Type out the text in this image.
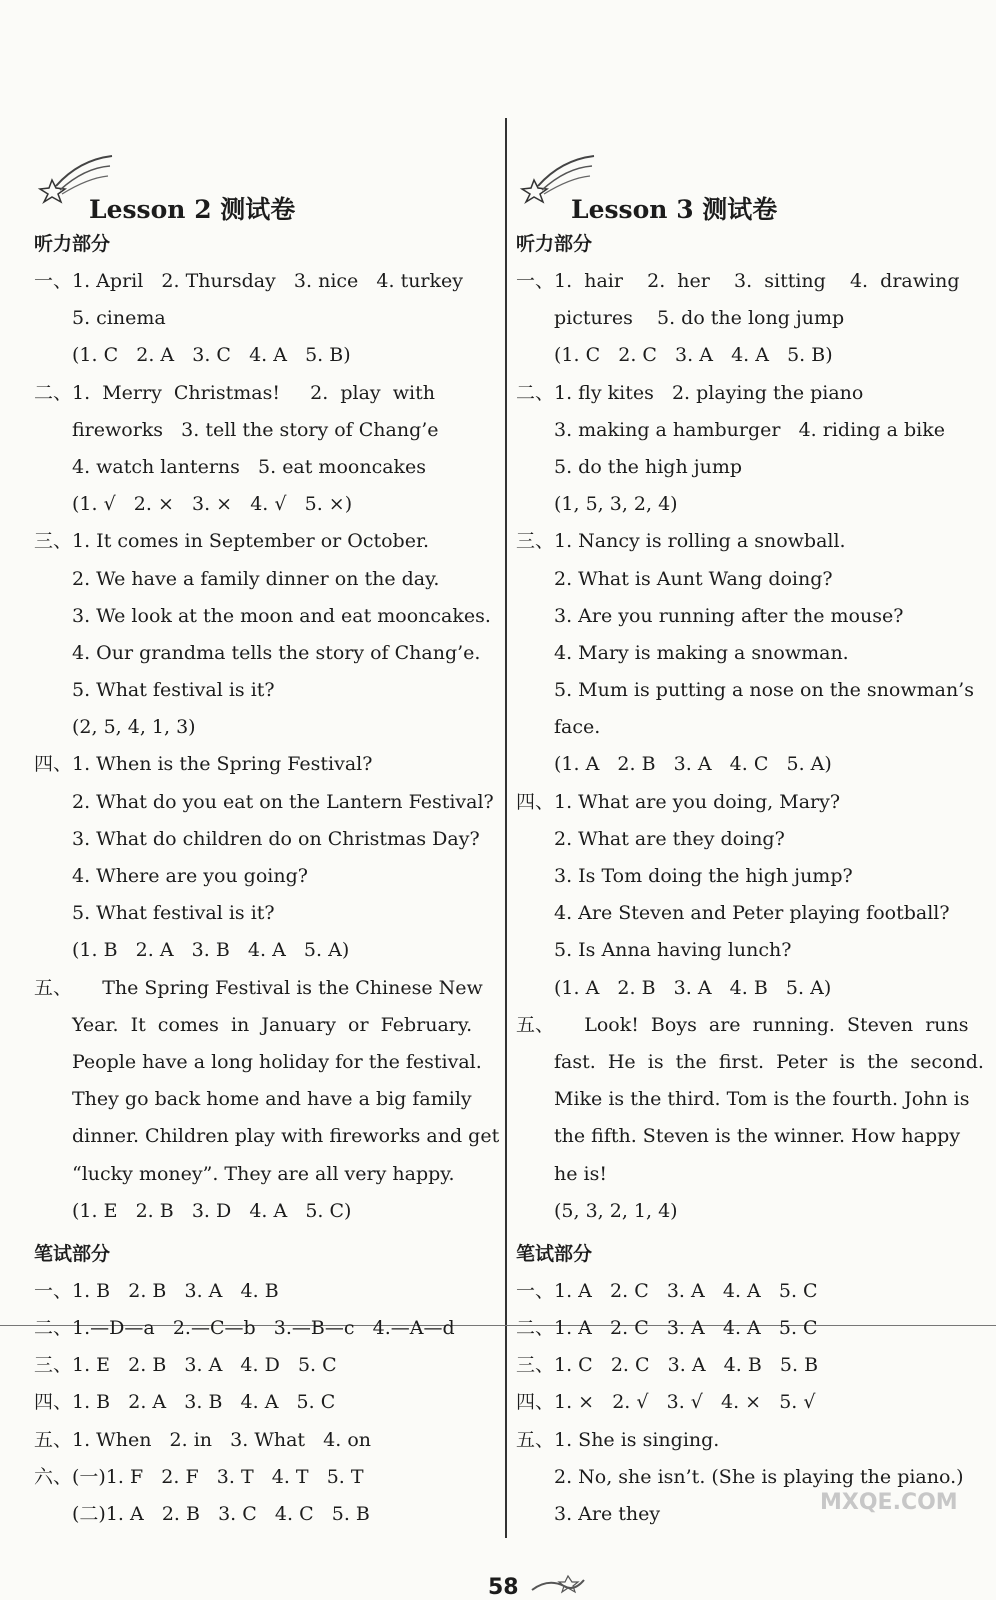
Lesson 2 测试卷
听力部分
一、1. April   2. Thursday   3. nice   4. turkey
5. cinema
(1. C   2. A   3. C   4. A   5. B)
二、1.  Merry  Christmas!     2.  play  with
fireworks   3. tell the story of Chang’e
4. watch lanterns   5. eat mooncakes
(1. √   2. ×   3. ×   4. √   5. ×)
三、1. It comes in September or October.
2. We have a family dinner on the day.
3. We look at the moon and eat mooncakes.
4. Our grandma tells the story of Chang’e.
5. What festival is it?
(2, 5, 4, 1, 3)
四、1. When is the Spring Festival?
2. What do you eat on the Lantern Festival?
3. What do children do on Christmas Day?
4. Where are you going?
5. What festival is it?
(1. B   2. A   3. B   4. A   5. A)
五、     The Spring Festival is the Chinese New
Year.  It  comes  in  January  or  February.
People have a long holiday for the festival.
They go back home and have a big family
dinner. Children play with fireworks and get
“lucky money”. They are all very happy.
(1. E   2. B   3. D   4. A   5. C)
笔试部分
一、1. B   2. B   3. A   4. B
二、1.—D—a   2.—C—b   3.—B—c   4.—A—d
三、1. E   2. B   3. A   4. D   5. C
四、1. B   2. A   3. B   4. A   5. C
五、1. When   2. in   3. What   4. on
六、(一)1. F   2. F   3. T   4. T   5. T
(二)1. A   2. B   3. C   4. C   5. B
Lesson 3 测试卷
听力部分
一、1.  hair    2.  her    3.  sitting    4.  drawing
pictures    5. do the long jump
(1. C   2. C   3. A   4. A   5. B)
二、1. fly kites   2. playing the piano
3. making a hamburger   4. riding a bike
5. do the high jump
(1, 5, 3, 2, 4)
三、1. Nancy is rolling a snowball.
2. What is Aunt Wang doing?
3. Are you running after the mouse?
4. Mary is making a snowman.
5. Mum is putting a nose on the snowman’s
face.
(1. A   2. B   3. A   4. C   5. A)
四、1. What are you doing, Mary?
2. What are they doing?
3. Is Tom doing the high jump?
4. Are Steven and Peter playing football?
5. Is Anna having lunch?
(1. A   2. B   3. A   4. B   5. A)
五、     Look!  Boys  are  running.  Steven  runs
fast.  He  is  the  first.  Peter  is  the  second.
Mike is the third. Tom is the fourth. John is
the fifth. Steven is the winner. How happy
he is!
(5, 3, 2, 1, 4)
笔试部分
一、1. A   2. C   3. A   4. A   5. C
二、1. A   2. C   3. A   4. A   5. C
三、1. C   2. C   3. A   4. B   5. B
四、1. ×   2. √   3. √   4. ×   5. √
五、1. She is singing.
2. No, she isn’t. (She is playing the piano.)
3. Are they
58
MXQE.COM
